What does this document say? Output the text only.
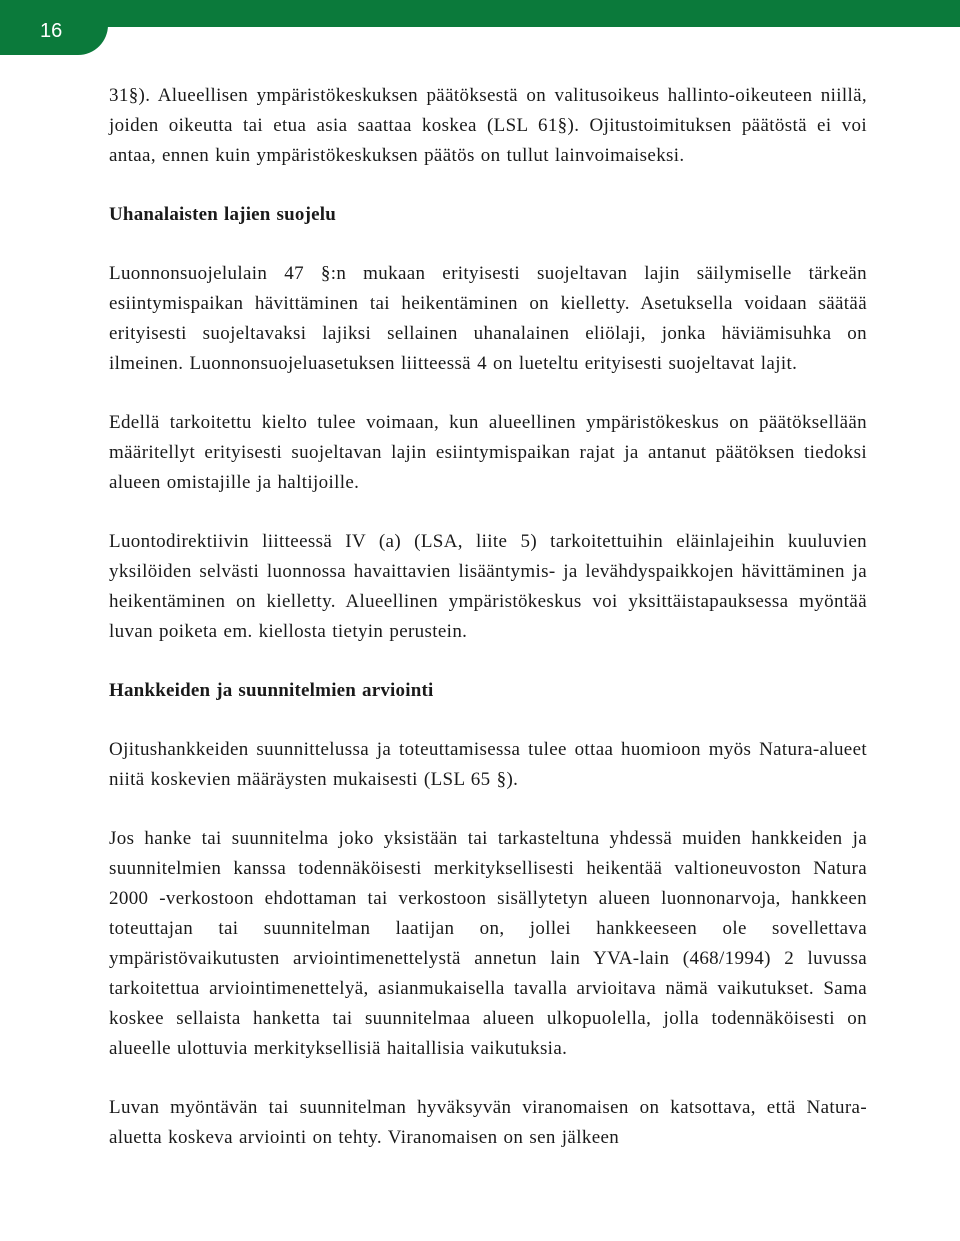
16

31§). Alueellisen ympäristökeskuksen päätöksestä on valitusoikeus hallinto-oikeuteen niillä, joiden oikeutta tai etua asia saattaa koskea (LSL 61§). Ojitustoimituksen päätöstä ei voi antaa, ennen kuin ympäristökeskuksen päätös on tullut lainvoimaiseksi.

Uhanalaisten lajien suojelu

Luonnonsuojelulain 47 §:n mukaan erityisesti suojeltavan lajin säilymiselle tärkeän esiintymispaikan hävittäminen tai heikentäminen on kielletty. Asetuksella voidaan säätää erityisesti suojeltavaksi lajiksi sellainen uhanalainen eliölaji, jonka häviämisuhka on ilmeinen. Luonnonsuojeluasetuksen liitteessä 4 on lueteltu erityisesti suojeltavat lajit.

Edellä tarkoitettu kielto tulee voimaan, kun alueellinen ympäristökeskus on päätöksellään määritellyt erityisesti suojeltavan lajin esiintymispaikan rajat ja antanut päätöksen tiedoksi alueen omistajille ja haltijoille.

Luontodirektiivin liitteessä IV (a) (LSA, liite 5) tarkoitettuihin eläinlajeihin kuuluvien yksilöiden selvästi luonnossa havaittavien lisääntymis- ja levähdyspaikkojen hävittäminen ja heikentäminen on kielletty. Alueellinen ympäristökeskus voi yksittäistapauksessa myöntää luvan poiketa em. kiellosta tietyin perustein.

Hankkeiden ja suunnitelmien arviointi

Ojitushankkeiden suunnittelussa ja toteuttamisessa tulee ottaa huomioon myös Natura-alueet niitä koskevien määräysten mukaisesti (LSL 65 §).

Jos hanke tai suunnitelma joko yksistään tai tarkasteltuna yhdessä muiden hankkeiden ja suunnitelmien kanssa todennäköisesti merkityksellisesti heikentää valtioneuvoston Natura 2000 -verkostoon ehdottaman tai verkostoon sisällytetyn alueen luonnonarvoja, hankkeen toteuttajan tai suunnitelman laatijan on, jollei hankkeeseen ole sovellettava ympäristövaikutusten arviointimenettelystä annetun lain YVA-lain (468/1994) 2 luvussa tarkoitettua arviointimenettelyä, asianmukaisella tavalla arvioitava nämä vaikutukset. Sama koskee sellaista hanketta tai suunnitelmaa alueen ulkopuolella, jolla todennäköisesti on alueelle ulottuvia merkityksellisiä haitallisia vaikutuksia.

Luvan myöntävän tai suunnitelman hyväksyvän viranomaisen on katsottava, että Natura-aluetta koskeva arviointi on tehty. Viranomaisen on sen jälkeen
